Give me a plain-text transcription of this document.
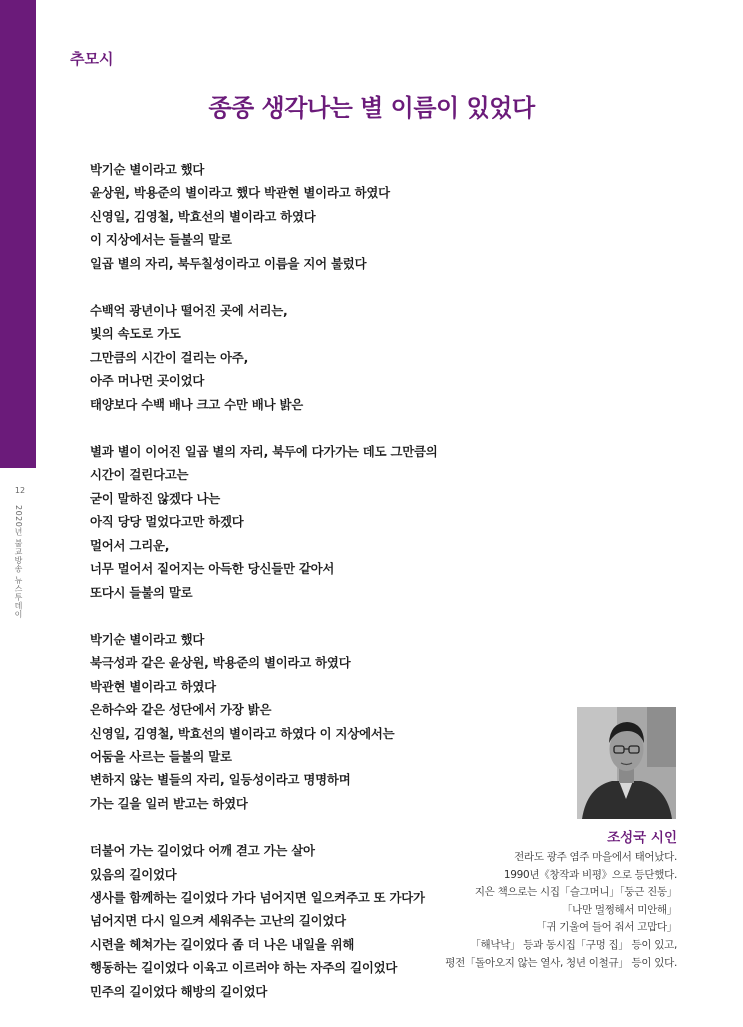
12
2020년 불교방송 뉴스투데이
추모시
종종 생각나는 별 이름이 있었다
박기순 별이라고 했다
윤상원, 박용준의 별이라고 했다 박관현 별이라고 하였다
신영일, 김영철, 박효선의 별이라고 하였다
이 지상에서는 들불의 말로
일곱 별의 자리, 북두칠성이라고 이름을 지어 불렀다
수백억 광년이나 떨어진 곳에 서리는,
빛의 속도로 가도
그만큼의 시간이 걸리는 아주,
아주 머나먼 곳이었다
태양보다 수백 배나 크고 수만 배나 밝은
별과 별이 이어진 일곱 별의 자리, 북두에 다가가는 데도 그만큼의
시간이 걸린다고는
굳이 말하진 않겠다 나는
아직 당당 멀었다고만 하겠다
멀어서 그리운,
너무 멀어서 짙어지는 아득한 당신들만 같아서
또다시 들불의 말로
박기순 별이라고 했다
북극성과 같은 윤상원, 박용준의 별이라고 하였다
박관현 별이라고 하였다
은하수와 같은 성단에서 가장 밝은
신영일, 김영철, 박효선의 별이라고 하였다 이 지상에서는
어둠을 사르는 들불의 말로
변하지 않는 별들의 자리, 일등성이라고 명명하며
가는 길을 일러 받고는 하였다
더불어 가는 길이었다 어깨 겯고 가는 살아
있음의 길이었다
생사를 함께하는 길이었다 가다 넘어지면 일으켜주고 또 가다가
넘어지면 다시 일으켜 세워주는 고난의 길이었다
시련을 헤쳐가는 길이었다 좀 더 나은 내일을 위해
행동하는 길이었다 이육고 이르러야 하는 자주의 길이었다
민주의 길이었다 해방의 길이었다
조성국 시인
전라도 광주 염주 마을에서 태어났다.
1990년《창작과 비평》으로 등단했다.
지은 책으로는 시집「슬그머니」「둥근 진동」
「나만 멀쩡해서 미안해」
「귀 기울여 들어 줘서 고맙다」
「해낙낙」 등과 동시집「구멍 집」 등이 있고,
평전「돌아오지 않는 열사, 청년 이철규」 등이 있다.
